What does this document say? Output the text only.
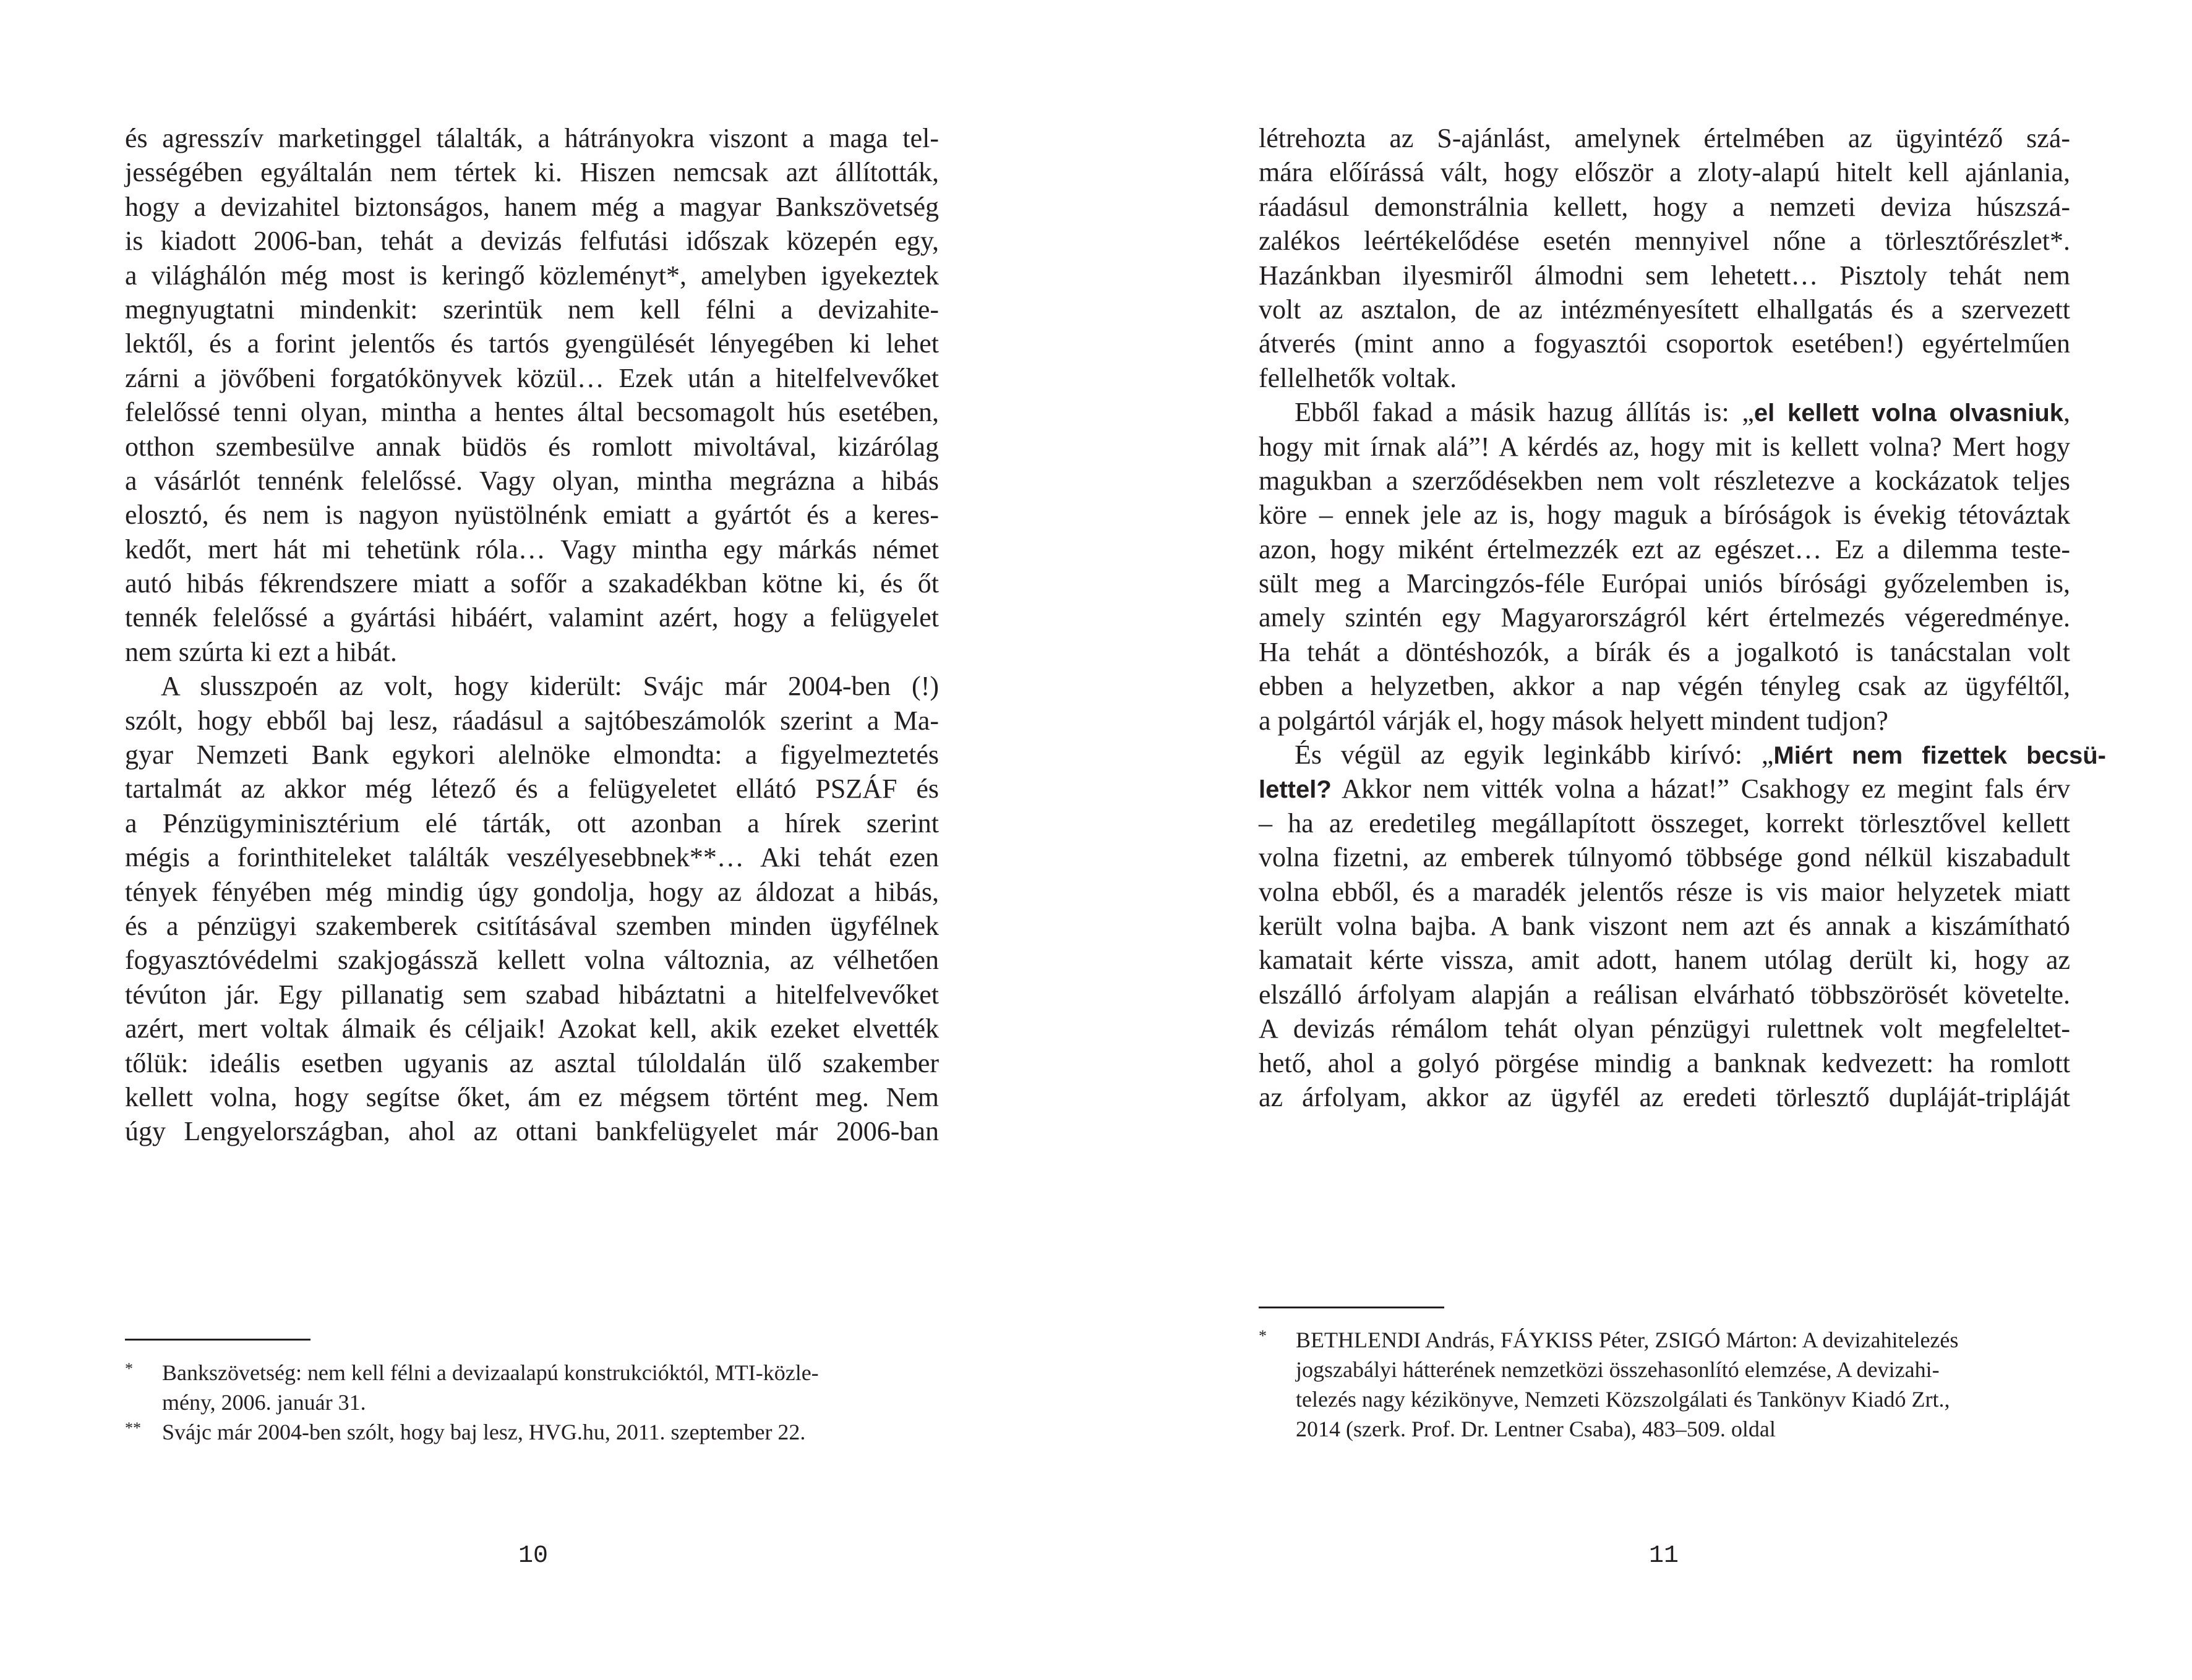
és agresszív marketinggel tálalták, a hátrányokra viszont a maga tel-
jességében egyáltalán nem tértek ki. Hiszen nemcsak azt állították,
hogy a devizahitel biztonságos, hanem még a magyar Bankszövetség
is kiadott 2006-ban, tehát a devizás felfutási időszak közepén egy,
a világhálón még most is keringő közleményt*, amelyben igyekeztek
megnyugtatni mindenkit: szerintük nem kell félni a devizahite-
lektől, és a forint jelentős és tartós gyengülését lényegében ki lehet
zárni a jövőbeni forgatókönyvek közül… Ezek után a hitelfelvevőket
felelőssé tenni olyan, mintha a hentes által becsomagolt hús esetében,
otthon szembesülve annak büdös és romlott mivoltával, kizárólag
a vásárlót tennénk felelőssé. Vagy olyan, mintha megrázna a hibás
elosztó, és nem is nagyon nyüstölnénk emiatt a gyártót és a keres-
kedőt, mert hát mi tehetünk róla… Vagy mintha egy márkás német
autó hibás fékrendszere miatt a sofőr a szakadékban kötne ki, és őt
tennék felelőssé a gyártási hibáért, valamint azért, hogy a felügyelet
nem szúrta ki ezt a hibát.
A slusszpoén az volt, hogy kiderült: Svájc már 2004-ben (!)
szólt, hogy ebből baj lesz, ráadásul a sajtóbeszámolók szerint a Ma-
gyar Nemzeti Bank egykori alelnöke elmondta: a figyelmeztetés
tartalmát az akkor még létező és a felügyeletet ellátó PSZÁF és
a Pénzügyminisztérium elé tárták, ott azonban a hírek szerint
mégis a forinthiteleket találták veszélyesebbnek**… Aki tehát ezen
tények fényében még mindig úgy gondolja, hogy az áldozat a hibás,
és a pénzügyi szakemberek csitításával szemben minden ügyfélnek
fogyasztóvédelmi szakjogássză kellett volna változnia, az vélhetően
tévúton jár. Egy pillanatig sem szabad hibáztatni a hitelfelvevőket
azért, mert voltak álmaik és céljaik! Azokat kell, akik ezeket elvették
tőlük: ideális esetben ugyanis az asztal túloldalán ülő szakember
kellett volna, hogy segítse őket, ám ez mégsem történt meg. Nem
úgy Lengyelországban, ahol az ottani bankfelügyelet már 2006-ban
* Bankszövetség: nem kell félni a devizaalapú konstrukcióktól, MTI-közle-
mény, 2006. január 31.
** Svájc már 2004-ben szólt, hogy baj lesz, HVG.hu, 2011. szeptember 22.
10
létrehozta az S-ajánlást, amelynek értelmében az ügyintéző szá-
mára előírássá vált, hogy először a zloty-alapú hitelt kell ajánlania,
ráadásul demonstrálnia kellett, hogy a nemzeti deviza húszszá-
zalékos leértékelődése esetén mennyivel nőne a törlesztőrészlet*.
Hazánkban ilyesmiről álmodni sem lehetett… Pisztoly tehát nem
volt az asztalon, de az intézményesített elhallgatás és a szervezett
átverés (mint anno a fogyasztói csoportok esetében!) egyértelműen
fellelhetők voltak.
Ebből fakad a másik hazug állítás is: „el kellett volna olvasniuk,
hogy mit írnak alá”! A kérdés az, hogy mit is kellett volna? Mert hogy
magukban a szerződésekben nem volt részletezve a kockázatok teljes
köre – ennek jele az is, hogy maguk a bíróságok is évekig tétováztak
azon, hogy miként értelmezzék ezt az egészet… Ez a dilemma teste-
sült meg a Marcingzós-féle Európai uniós bírósági győzelemben is,
amely szintén egy Magyarországról kért értelmezés végeredménye.
Ha tehát a döntéshozók, a bírák és a jogalkotó is tanácstalan volt
ebben a helyzetben, akkor a nap végén tényleg csak az ügyféltől,
a polgártól várják el, hogy mások helyett mindent tudjon?
És végül az egyik leginkább kirívó: „Miért nem fizettek becsü-
lettel? Akkor nem vitték volna a házat!” Csakhogy ez megint fals érv
– ha az eredetileg megállapított összeget, korrekt törlesztővel kellett
volna fizetni, az emberek túlnyomó többsége gond nélkül kiszabadult
volna ebből, és a maradék jelentős része is vis maior helyzetek miatt
került volna bajba. A bank viszont nem azt és annak a kiszámítható
kamatait kérte vissza, amit adott, hanem utólag derült ki, hogy az
elszálló árfolyam alapján a reálisan elvárható többszörösét követelte.
A devizás rémálom tehát olyan pénzügyi rulettnek volt megfeleltet-
hető, ahol a golyó pörgése mindig a banknak kedvezett: ha romlott
az árfolyam, akkor az ügyfél az eredeti törlesztő dupláját-tripláját
* BETHLENDI András, FÁYKISS Péter, ZSIGÓ Márton: A devizahitelezés
jogszabályi hátterének nemzetközi összehasonlító elemzése, A devizahi-
telezés nagy kézikönyve, Nemzeti Közszolgálati és Tankönyv Kiadó Zrt.,
2014 (szerk. Prof. Dr. Lentner Csaba), 483–509. oldal
11
